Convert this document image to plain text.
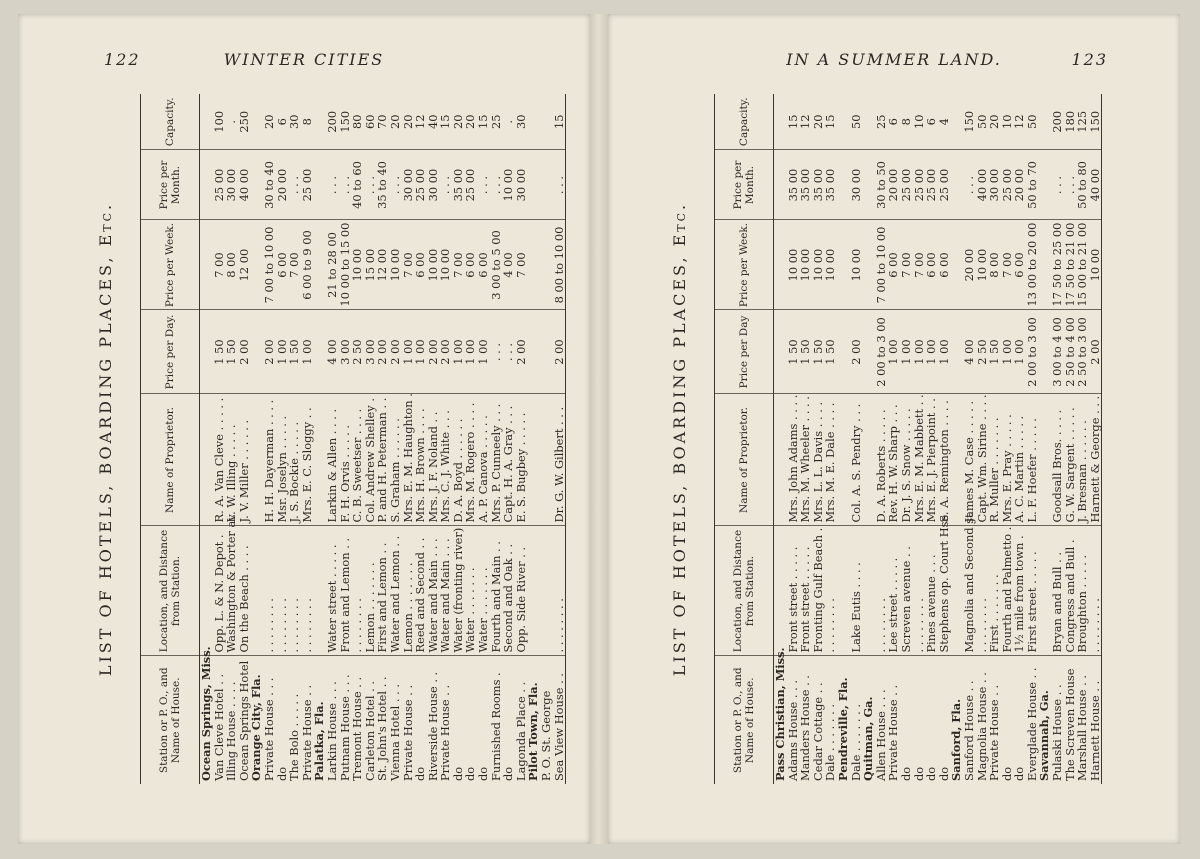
122	WINTER CITIES
LIST OF HOTELS, BOARDING PLACES, Etc.
Station or P. O., and Name of House.	Location, and Distance from Station.	Name of Proprietor.	Price per Day.	Price per Week.	Price per Month.	Capacity.
Ocean Springs, Miss.						
Van Cleve Hotel . .	Opp. L. & N. Depot .	R. A. Van Cleve . . . . .	1 50	7 00	25 00	100
Illing House . . . .	Washington & Porter av	L. W. Illing . . . . .	1 50	8 00	30 00	.
Ocean Springs Hotel	On the Beach . . . .	J. V. Miller . . . . . .	2 00	12 00	40 00	250
Orange City, Fla.						
Private House . . .	. . . . . . . .	H. H. Dayerman . . . .	2 00	7 00 to 10 00	30 to 40	20
do	. . . . . . . .	Msr. Joselyn . . . . .	1 00	6 00	20 00	6
The Bolo . . . . .	. . . . . . . .	J. S. Bockie . . . . .	1 50	7 00	. . .	30
Private House . .	. . . . . . . .	Mrs. E. C. Sloggy . .	1 00	6 00 to 9 00	25 00	8
Palatka, Fla.						
Larkin House . . .	Water street . . . . .	Larkin & Allen . . . .	4 00	21 to 28 00	. . .	200
Putnam House . . .	Front and Lemon . .	F. H. Orvis . . . . .	3 00	10 00 to 15 00	. . .	150
Tremont House . .	. . . . . . . .	C. B. Sweetser . . . .	2 50	10 00	40 to 60	80
Carleton Hotel . .	Lemon . . . . . . .	Col. Andrew Shelley .	3 00	15 00	. . .	60
St. John's Hotel . .	First and Lemon . .	P. and H. Peterman . .	2 00	12 00	35 to 40	70
Vienna Hotel . . .	Water and Lemon . .	S. Graham . . . . . .	2 00	10 00	. . .	20
Private House . .	Lemon . . . . . . .	Mrs. E. M. Haughton .	1 00	7 00	30 00	20
do	Reed and Second . .	Mrs. H. Brown . . . .	1 00	6 00	25 00	12
Riverside House . .	Water and Main . . .	Mrs. J. F. Noland . .	2 00	10 00	30 00	40
Private House . .	Water and Main . . .	Mrs. C. J. White . . .	2 00	10 00	. . .	15
do	Water (fronting river)	D. A. Boyd . . . . . .	1 00	7 00	35 00	20
do	Water . . . . . . .	Mrs. M. Rogero . . . .	1 00	6 00	25 00	20
do	Water . . . . . . .	A. P. Canova . . . . .	1 00	6 00	. . .	15
Furnished Rooms .	Fourth and Main . .	Mrs. P. Cunneely . . .	. . .	3 00 to 5 00	. . .	25
do	Second and Oak . .	Capt. H. A. Gray . . .	. . .	4 00	10 00	.
Lagonda Place . .	Opp. Side River . .	E. S. Bugbey . . . . .	2 00	7 00	30 00	30
Pilot Town, Fla.						
P. O. St. George						
Sea View House . .	. . . . . . . .	Dr. G. W. Gilbert . . .	2 00	8 00 to 10 00	. . .	15
IN A SUMMER LAND.	123
LIST OF HOTELS, BOARDING PLACES, Etc.
Station or P. O., and Name of House.	Location, and Distance from Station.	Name of Proprietor.	Price per Day	Price per Week.	Price per Month.	Capacity.
Pass Christian, Miss.						
Adams House . . .	Front street . . . . .	Mrs. John Adams . . . .	1 50	10 00	35 00	15
Manders House . .	Front street . . . . .	Mrs. M. Wheeler . . . .	1 50	10 00	35 00	12
Cedar Cottage . .	Fronting Gulf Beach .	Mrs. L. L. Davis . . . .	1 50	10 00	35 00	20
Dale . . . . . . .	. . . . . . . .	Mrs. M. E. Dale . . . .	1 50	10 00	35 00	15
Pendreville, Fla.						
Dale . . . . . . .	Lake Eutis . . . .	Col. A. S. Pendry . . .	2 00	10 00	30 00	50
Quitman, Ga.						
Allen House . . .	. . . . . . . .	D. A. Roberts . . . . .	2 00 to 3 00	7 00 to 10 00	30 to 50	25
Private House . .	Lee street . . . . .	Rev. H. W. Sharp . . .	1 00	6 00	20 00	6
do	Screven avenue . .	Dr. J. S. Snow . . . . .	1 00	7 00	25 00	8
do	. . . . . . . .	Mrs. E. M. Mabbett . .	1 00	7 00	25 00	10
do	Pines avenue . . .	Mrs. E. J. Pierpoint . .	1 00	6 00	25 00	6
do	Stephens op. Court Hse	S. A. Remington . . . .	1 00	6 00	25 00	4
Sanford, Fla.						
Sanford House . .	Magnolia and Second st	James M. Case . . . . .	4 00	20 00	. . .	150
Magnolia House . .	. . . . . . . .	Capt. Wm. Sirine . . . .	2 50	10 00	40 00	50
Private House . .	First . . . . . . .	R. Muller . . . . . . .	1 50	8 00	30 00	20
do	Fourth and Palmetto .	Mrs. E. Pray . . . . .	1 00	7 00	25 00	10
do	1½ mile from town .	A. C. Martin . . . . .	1 00	6 00	20 00	12
Everglade House . .	First street . . . . .	L. F. Hoefer . . . . .	2 00 to 3 00	13 00 to 20 00	50 to 70	50
Savannah, Ga.						
Pulaski House . .	Bryan and Bull . .	Goodsall Bros. . . . .	3 00 to 4 00	17 50 to 25 00	. . .	200
The Screven House	Congress and Bull .	G. W. Sargent . . . . .	2 50 to 4 00	17 50 to 21 00	. . .	180
Marshall House . .	Broughton . . . . .	J. Bresnan . . . . . .	2 50 to 3 00	15 00 to 21 00	50 to 80	125
Harnett House . .	. . . . . . . .	Harnett & George . . .	2 00	10 00	40 00	150
